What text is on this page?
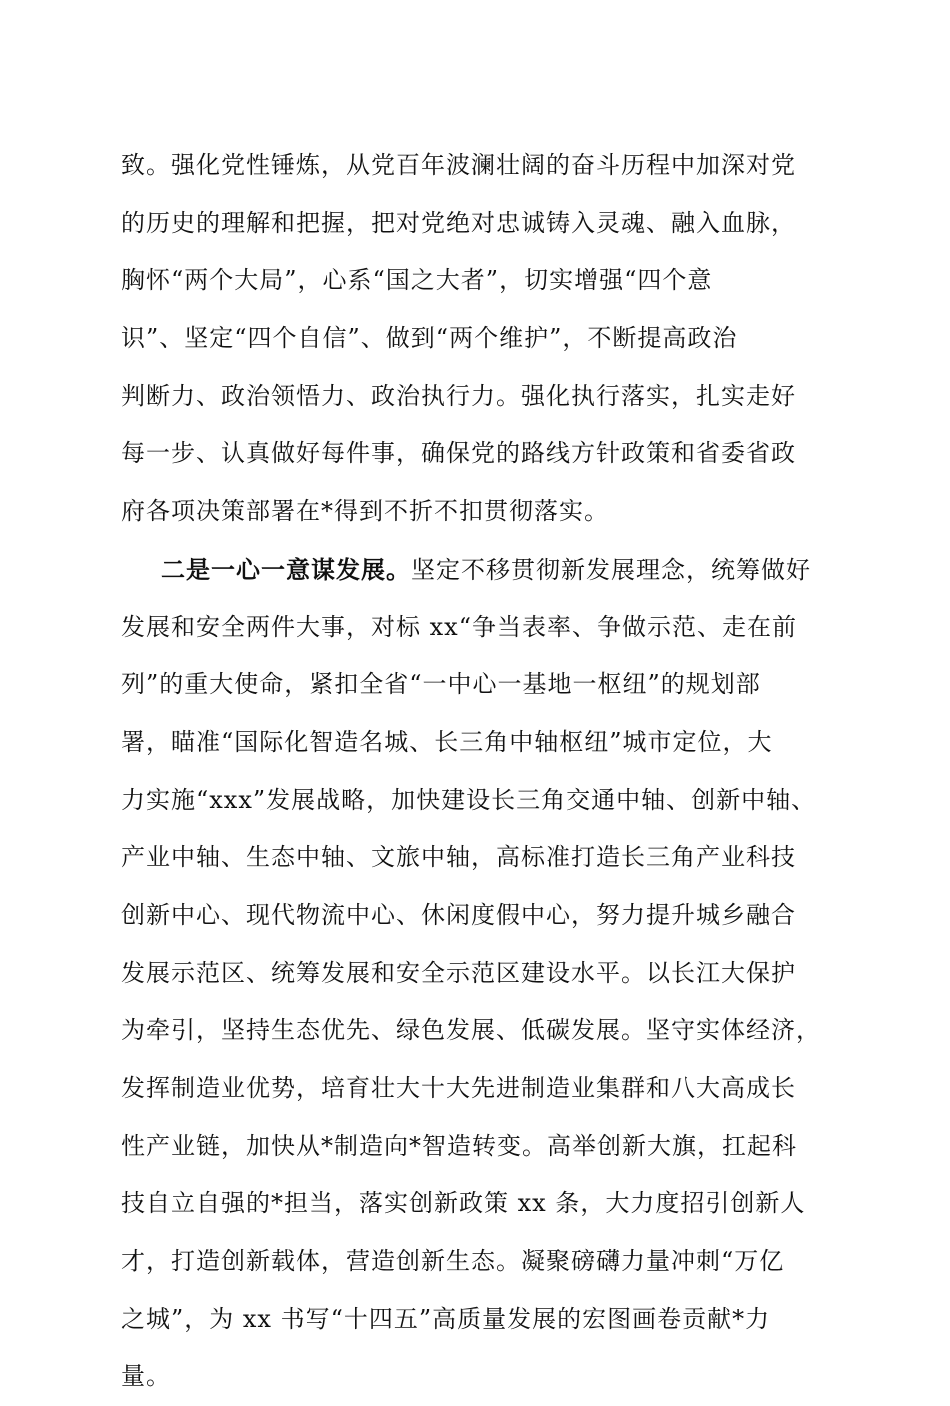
致。强化党性锤炼，从党百年波澜壮阔的奋斗历程中加深对党
的历史的理解和把握，把对党绝对忠诚铸入灵魂、融入血脉，
胸怀“两个大局”，心系“国之大者”，切实增强“四个意
识”、坚定“四个自信”、做到“两个维护”，不断提高政治
判断力、政治领悟力、政治执行力。强化执行落实，扎实走好
每一步、认真做好每件事，确保党的路线方针政策和省委省政
府各项决策部署在*得到不折不扣贯彻落实。
二是一心一意谋发展。坚定不移贯彻新发展理念，统筹做好
发展和安全两件大事，对标 xx“争当表率、争做示范、走在前
列”的重大使命，紧扣全省“一中心一基地一枢纽”的规划部
署，瞄准“国际化智造名城、长三角中轴枢纽”城市定位，大
力实施“xxx”发展战略，加快建设长三角交通中轴、创新中轴、
产业中轴、生态中轴、文旅中轴，高标准打造长三角产业科技
创新中心、现代物流中心、休闲度假中心，努力提升城乡融合
发展示范区、统筹发展和安全示范区建设水平。以长江大保护
为牵引，坚持生态优先、绿色发展、低碳发展。坚守实体经济，
发挥制造业优势，培育壮大十大先进制造业集群和八大高成长
性产业链，加快从*制造向*智造转变。高举创新大旗，扛起科
技自立自强的*担当，落实创新政策 xx 条，大力度招引创新人
才，打造创新载体，营造创新生态。凝聚磅礴力量冲刺“万亿
之城”，为 xx 书写“十四五”高质量发展的宏图画卷贡献*力
量。
